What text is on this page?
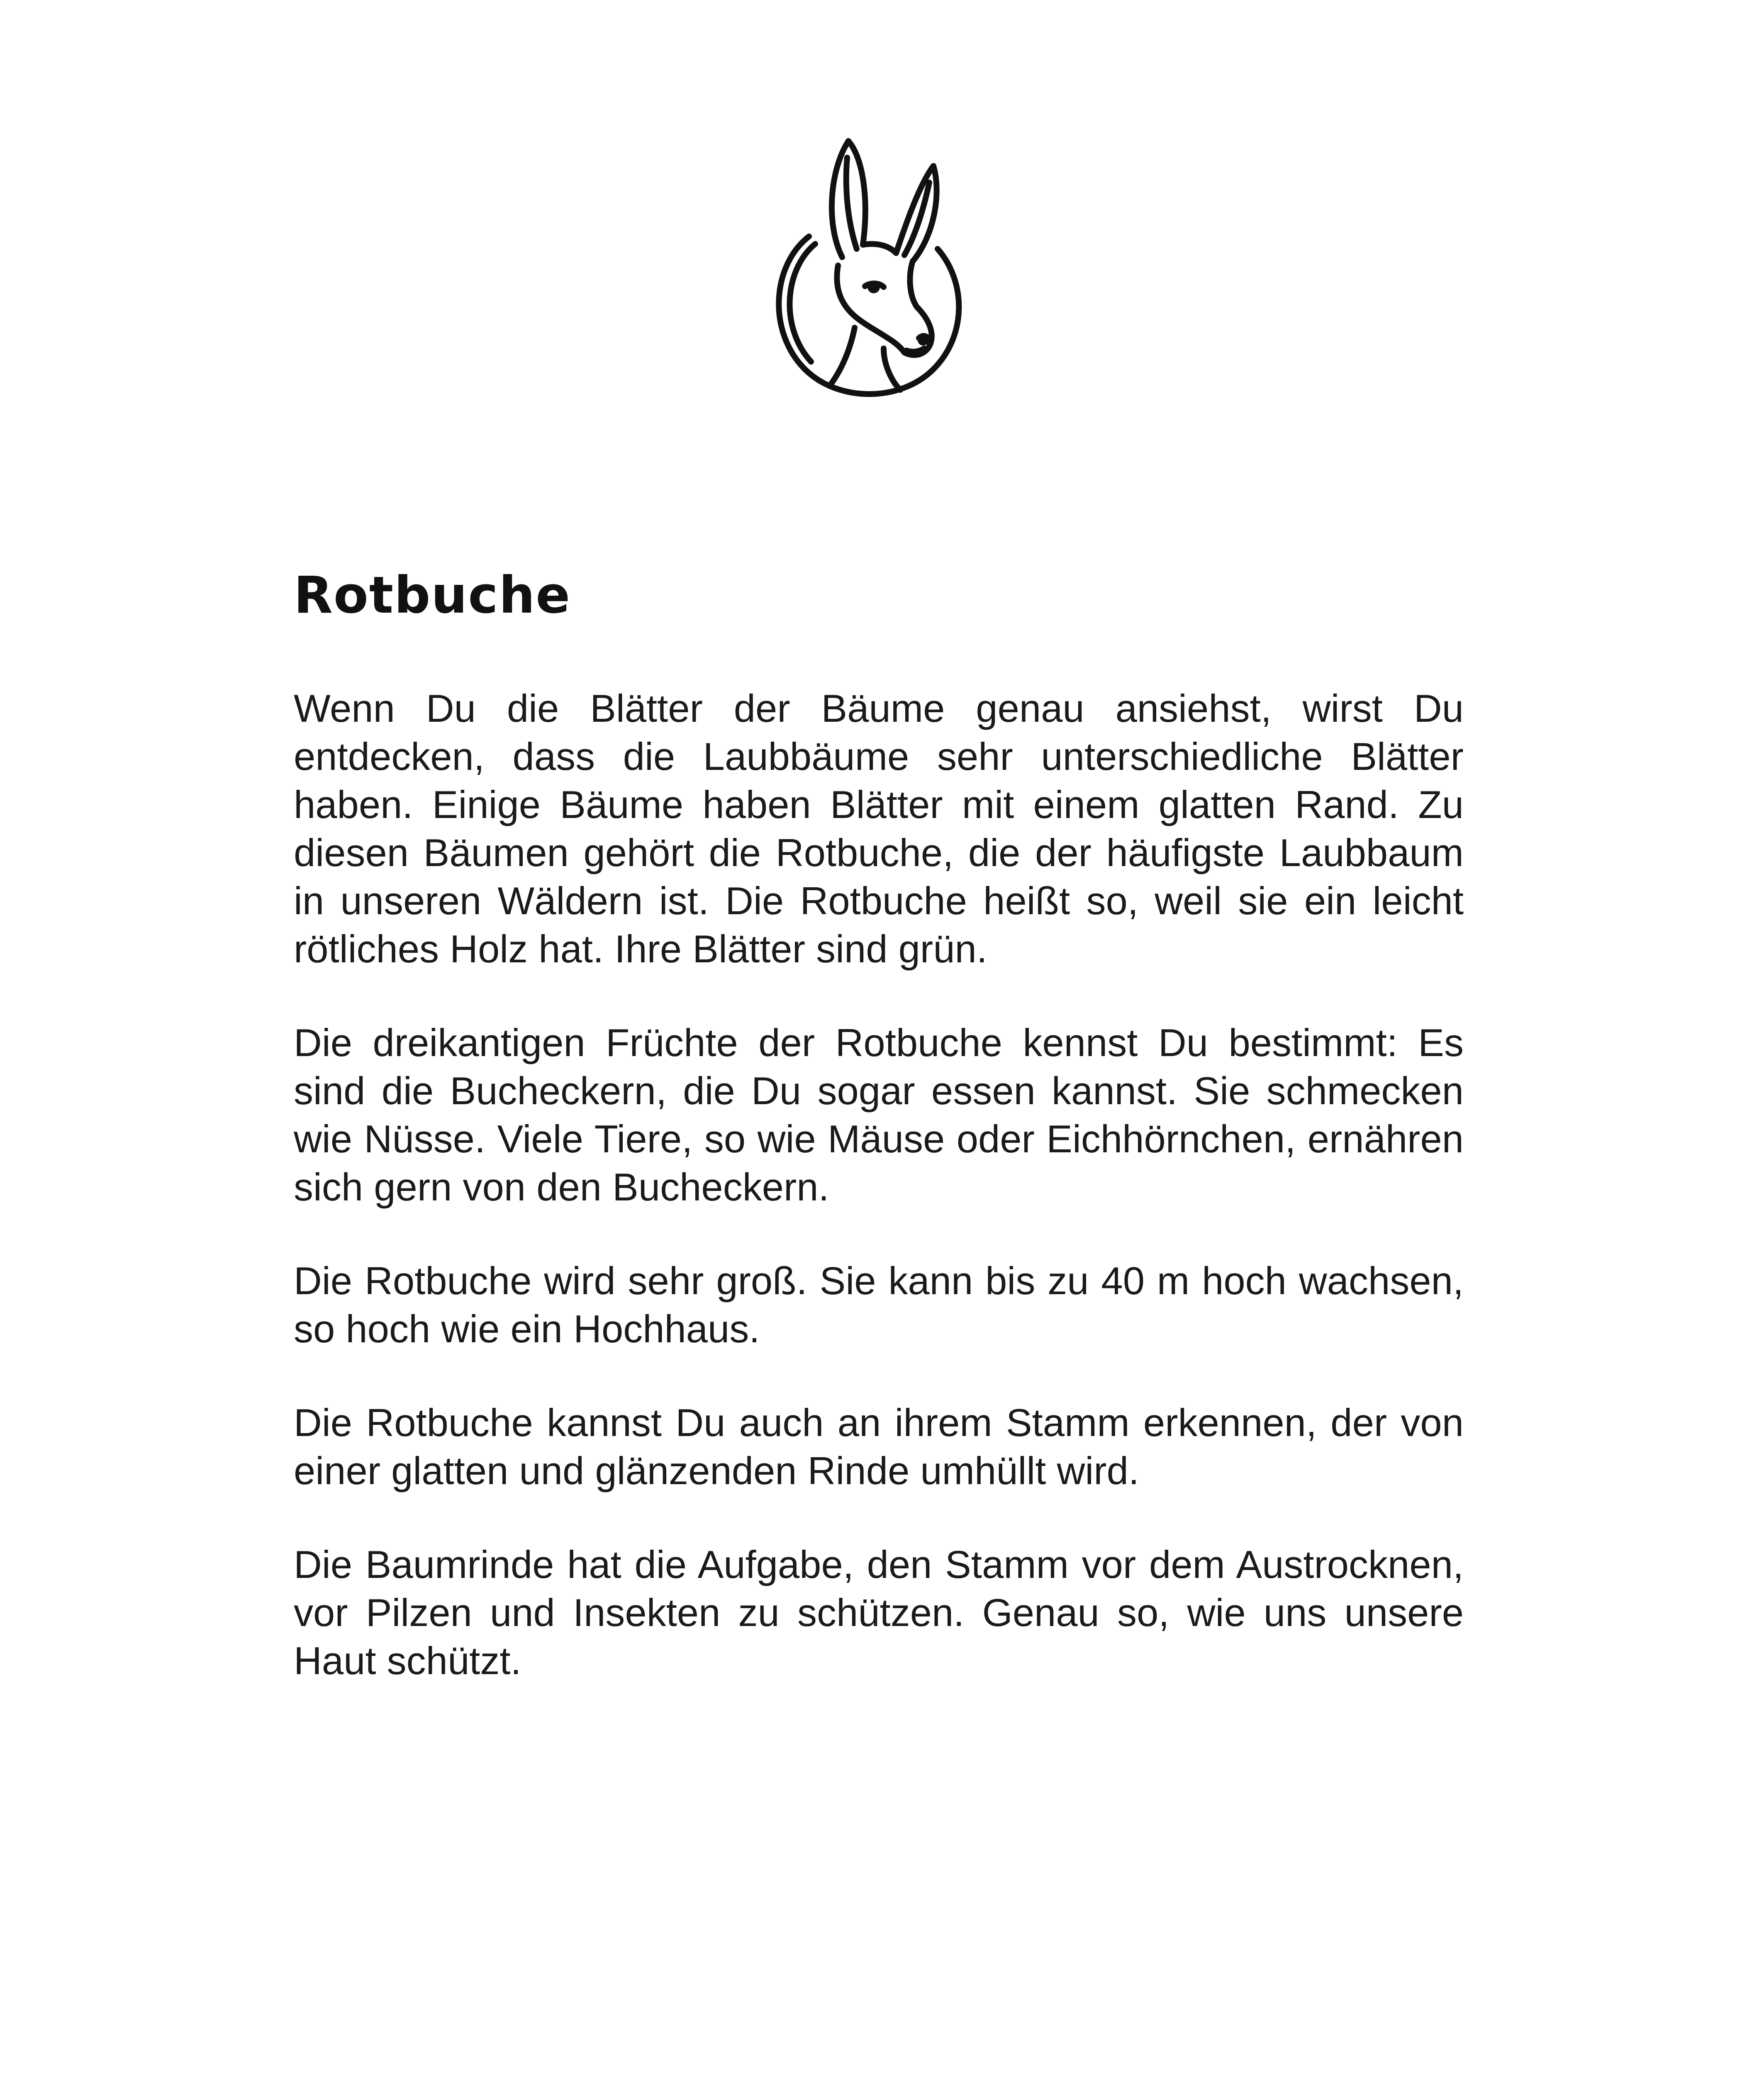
Rotbuche

Wenn Du die Blätter der Bäume genau ansiehst, wirst Du entdecken, dass die Laubbäume sehr unterschiedliche Blätter haben. Einige Bäume haben Blätter mit einem glatten Rand. Zu diesen Bäumen gehört die Rotbuche, die der häufigste Laubbaum in unseren Wäldern ist. Die Rotbuche heißt so, weil sie ein leicht rötliches Holz hat. Ihre Blätter sind grün.

Die dreikantigen Früchte der Rotbuche kennst Du bestimmt: Es sind die Bucheckern, die Du sogar essen kannst. Sie schmecken wie Nüsse. Viele Tiere, so wie Mäuse oder Eichhörnchen, ernähren sich gern von den Bucheckern.

Die Rotbuche wird sehr groß. Sie kann bis zu 40 m hoch wachsen, so hoch wie ein Hochhaus.

Die Rotbuche kannst Du auch an ihrem Stamm erkennen, der von einer glatten und glänzenden Rinde umhüllt wird.

Die Baumrinde hat die Aufgabe, den Stamm vor dem Austrocknen, vor Pilzen und Insekten zu schützen. Genau so, wie uns unsere Haut schützt.
